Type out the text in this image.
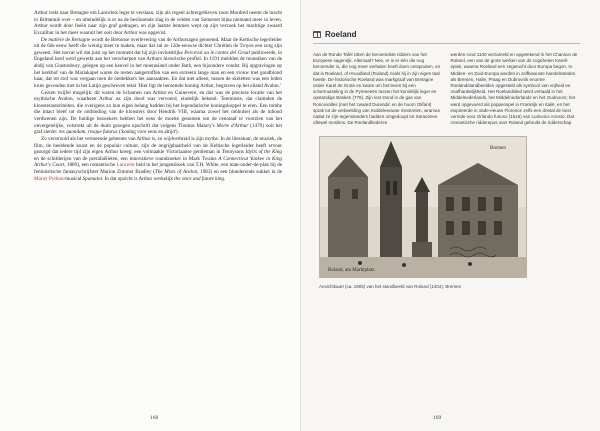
Arthur trekt naar Bretagne om Lancelots leger te verslaan, zijn als regent achtergebleven zoon Mordred neemt de macht in Brittannië over – en uiteindelijk is er na de beslissende slag in de velden van Somerset bijna niemand meer in leven. Arthur wordt door feeën naar zijn graf gedragen, en zijn laatste lemmen wept op zijn verzoek het machtige zwaard Excalibur in het meer waaruit het ooit door Arthur was opgevist.

De matière de Bretagne wordt de Bretonse overlevering van de Arthursagen genoemd. Maar de Keltische legerleider uit de 6de eeuw heeft die weinig meer te maken, maar dat zal ze 12de-eeuwse dichter Chrétien de Troyes een zorg zijn geweest. Het toeval wil dat juist op het moment dat hij zijn invloedrijke Perceval ou le contes del Graal publiceerde, in Engeland hard werd gewerkt aan het verscherpen van Arthurs historische profiel. In 1191 meldden de monniken van de abdij van Glastonbury, gelegen op een heuvel in het moerasland onder Bath, een bijzondere vondst. Bij opgravingen op het kerkhof van de Mariakapel waren de resten aangetroffen van een extreem lange man en een vrouw met goudblond haar, dat tot stof was vergaan toen de ontdekkers het aanraakten. En dat niet alleen, tussen de skeletten was een loden kruis gevonden met in het Latijn geschreven tekst 'Hier ligt de beroemde koning Arthur, begraven op het eiland Avalon.'

Gezien twijfel mogelijk: dit waren de lichamen van Arthur en Guinevere, en dus was de precieze locatie van het mythische Avalon, waarheen Arthur na zijn dood was vervoerd, eindelijk bekend. Tenminste, dat claimden de kloosterautoriteiten, die overigens zo hun eigen belang hadden bij het legendarische koningskoppel te eren. Een tombe die intact bleef tot de ontbinding van de kloosters door Hendrik VIII, waarna zowel het omhulsel als de inhoud verdwenen zijn. De huidige bezoekers hebben het eens de moeite genomen om de cenotaaf te voorzien van het onvergetelijke, volstrekt uit de duim gezogen opschrift dat volgens Thomas Malory's Morte d'Arthur (1470) ooit het graf sierde: rex quondam, rexque futurus ('koning voor eens en altijd').

Zo verstrooid als het vermeende gebeente van Arthur is, zo wijdverbreid is zijn mythe. In de literatuur, de muziek, de film, de beeldende kunst en de populair cultuur, zijn de ongrijpbaarheid van de Keltische legerleider heeft ervoor gezorgd dat iedere tijd zijn eigen Arthur kreeg: een volmaakte Victoriaanse gentleman in Tennysons Idylls of the King en de schilderijen van de prerafaëlieten, een innovatieve roundzoeker in Mark Twains A Connecticut Yankee in King Arthur's Court, 1889), een romantische Lancelot held in het jongensboek van T.H. White, een man-onder-de-plak bij de feministische fantasyschrijfster Marion Zimmer Bradley (The Mists of Avalon, 1983) en een blunderende sukkel in de Monty Python-musical Spamalot. In dat opzicht is Arthur werkelijk the once and future king.

168
Roeland

Aan de Ronde Tafel zitten de beroemdste ridders van het Europese sagenrijk. Allemaal? Nee, er is er één die nog beroemder is, die nog meer verhalen heeft doen ontspruiten, en dat is Roeland, of Hruodland (Roland) zoals hij in zijn eigen taal heette. De historische Roeland was markgraaf van Bretagne onder Karel de Grote en kwam om het leven bij een schermutseling in de Pyreneeën tussen het koninklijk leger en opstandige Basken (778). Zijn lost stond in de gas van Roncevalles (met het zwaard Durenda' en de hoorn Olifant) sprak tot de verbeelding van middeleeuwse minstrelen, wrarvan nadat ze zijn tegenstanders hadden omgedoopt tot Saracenen oftewel moslims. De Roelandliederen

werden rond 1100 verzameld en opgetekend in het Chanson de Roland, een van de grote werken van de zogeheten Karell-epiek, waarna Roeland een zegetocht door Europa begon. In Midden- en Zuid-Europa werden in zelfbewuste handelssteden als Bremen, Halle, Praag en Dubrovnik enorme Roelandstandbeelden opgesteld als symbool van vrijheid en onafhankelijkheid. Het Roelandslied werd vertaald in het Middelnederlands, het Middelnederlands en het Oudnoors; het werd opgevoerd als poppenspel in Frankrijk en Italië, en het inspireerde in 15de-eeuws Florence zelfs een drietal de best vormde voor Orlando furioso (1516) van Ludovico Ariosto. Dat romantische ridderepos over Roland gebruikt de ridderschap

Roland, am Marktplatz.
Bremen
Ansichtkaart (ca. 1905) van het standbeeld van Roland (1404), Bremen
169
